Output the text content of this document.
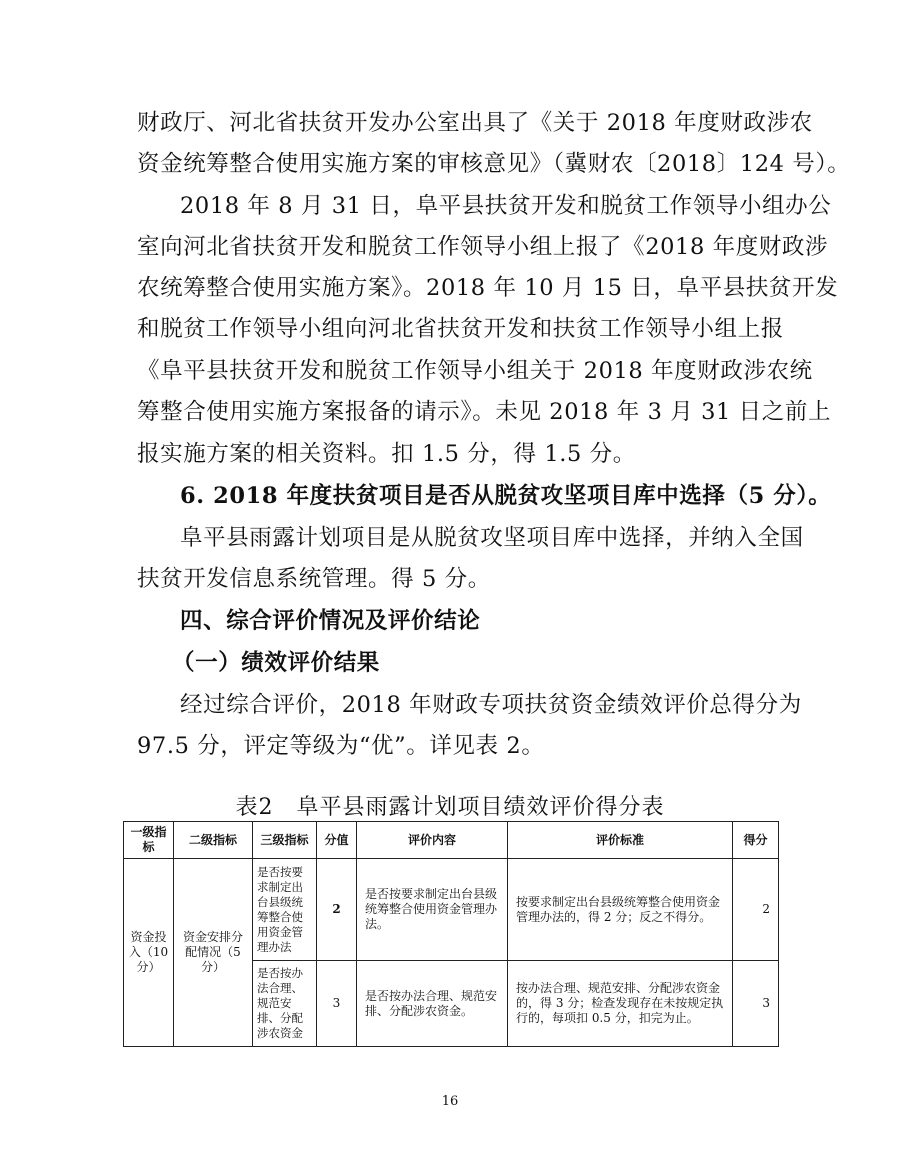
财政厅、河北省扶贫开发办公室出具了《关于 2018 年度财政涉农
资金统筹整合使用实施方案的审核意见》（冀财农〔2018〕124 号）。
2018 年 8 月 31 日，阜平县扶贫开发和脱贫工作领导小组办公
室向河北省扶贫开发和脱贫工作领导小组上报了《2018 年度财政涉
农统筹整合使用实施方案》。2018 年 10 月 15 日，阜平县扶贫开发
和脱贫工作领导小组向河北省扶贫开发和扶贫工作领导小组上报
《阜平县扶贫开发和脱贫工作领导小组关于 2018 年度财政涉农统
筹整合使用实施方案报备的请示》。未见 2018 年 3 月 31 日之前上
报实施方案的相关资料。扣 1.5 分，得 1.5 分。
6. 2018 年度扶贫项目是否从脱贫攻坚项目库中选择（5 分）。
阜平县雨露计划项目是从脱贫攻坚项目库中选择，并纳入全国
扶贫开发信息系统管理。得 5 分。
四、综合评价情况及评价结论
（一）绩效评价结果
经过综合评价，2018 年财政专项扶贫资金绩效评价总得分为
97.5 分，评定等级为“优”。详见表 2。
表2　阜平县雨露计划项目绩效评价得分表
一级指标	二级指标	三级指标	分值	评价内容	评价标准	得分
资金投入（10 分）	资金安排分配情况（5 分）	是否按要求制定出台县级统筹整合使用资金管理办法	2	是否按要求制定出台县级统筹整合使用资金管理办法。	按要求制定出台县级统筹整合使用资金管理办法的，得 2 分；反之不得分。	2
		是否按办法合理、规范安排、分配涉农资金	3	是否按办法合理、规范安排、分配涉农资金。	按办法合理、规范安排、分配涉农资金的，得 3 分；检查发现存在未按规定执行的，每项扣 0.5 分，扣完为止。	3
16
